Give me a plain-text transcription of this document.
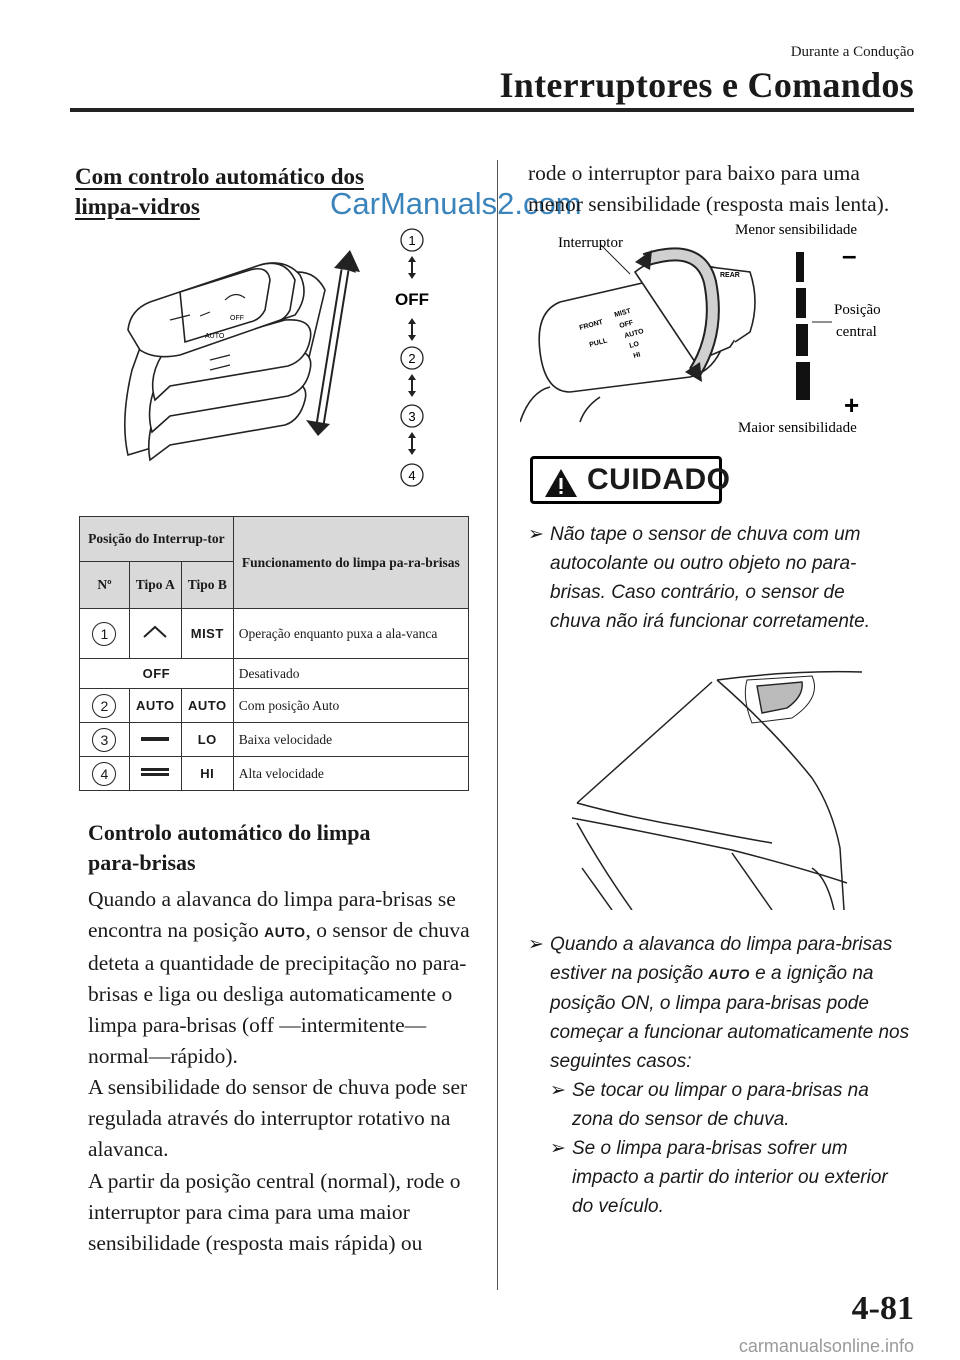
Durante a Condução
Interruptores e Comandos
Com controlo automático dos
limpa-vidros	CarManuals2.com
AUTO
OFF
1
OFF
2
3
4
Posição do Interrup-tor			Funcionamento do limpa pa-ra-brisas
Nº	Tipo A	Tipo B	
1		MIST	Operação enquanto puxa a ala-vanca
OFF			Desativado
2	AUTO	AUTO	Com posição Auto
3		LO	Baixa velocidade
4		HI	Alta velocidade
Controlo automático do limpa
para-brisas
Quando a alavanca do limpa para-brisas se encontra na posição AUTO, o sensor de chuva deteta a quantidade de precipitação no para-brisas e liga ou desliga automaticamente o limpa para-brisas (off —intermitente—normal—rápido).
A sensibilidade do sensor de chuva pode ser regulada através do interruptor rotativo na alavanca.
A partir da posição central (normal), rode o interruptor para cima para uma maior sensibilidade (resposta mais rápida) ou
rode o interruptor para baixo para uma menor sensibilidade (resposta mais lenta).
FRONT
PULL
MIST
OFF
AUTO
LO
HI
REAR
Interruptor
Menor sensibilidade
–
Posição
central
+
Maior sensibilidade
CUIDADO
➢ Não tape o sensor de chuva com um autocolante ou outro objeto no para-brisas. Caso contrário, o sensor de chuva não irá funcionar corretamente.
➢ Quando a alavanca do limpa para-brisas estiver na posição AUTO e a ignição na posição ON, o limpa para-brisas pode começar a funcionar automaticamente nos seguintes casos:
➢ Se tocar ou limpar o para-brisas na zona do sensor de chuva.
➢ Se o limpa para-brisas sofrer um impacto a partir do interior ou exterior do veículo.
4-81
carmanualsonline.info
